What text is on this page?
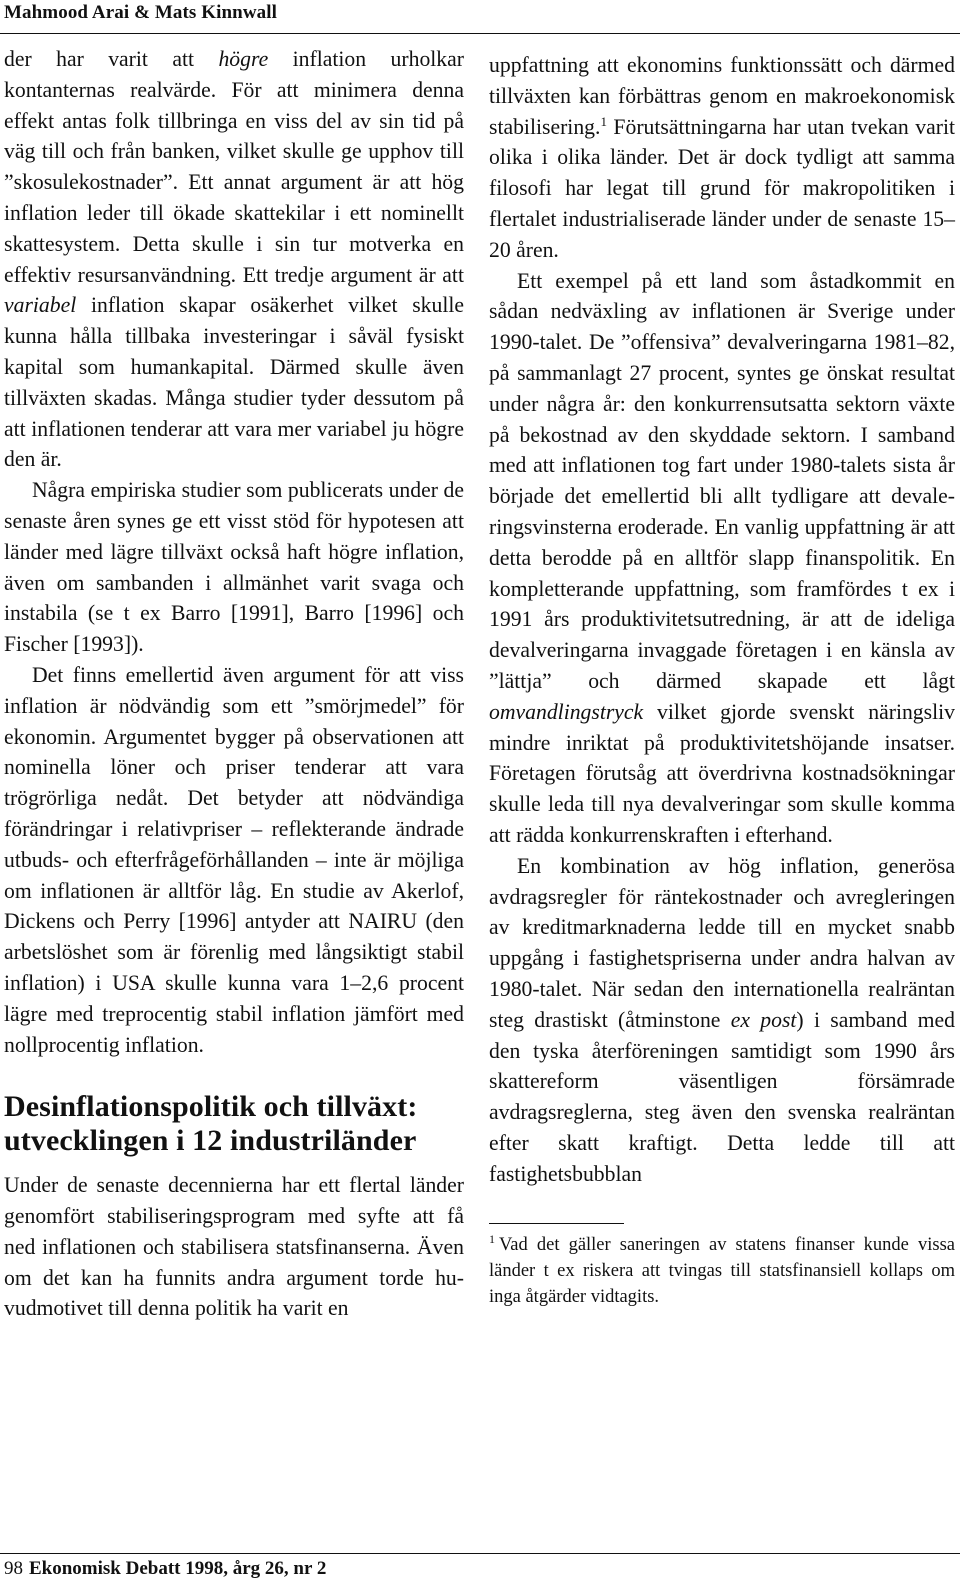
Mahmood Arai & Mats Kinnwall

der har varit att högre inflation urholkar kontanternas realvärde. För att minimera denna effekt antas folk tillbringa en viss del av sin tid på väg till och från banken, vilket skulle ge upphov till ”skosulekostnader”. Ett annat argument är att hög inflation leder till ökade skattekilar i ett nominellt skattesystem. Detta skulle i sin tur motverka en effektiv resursanvändning. Ett tredje argument är att variabel inflation skapar osäkerhet vilket skulle kunna hålla tillbaka investeringar i såväl fysiskt kapital som humankapital. Därmed skulle även tillväxten skadas. Många studier tyder dessutom på att inflationen tenderar att vara mer variabel ju högre den är.

Några empiriska studier som publicerats under de senaste åren synes ge ett visst stöd för hypotesen att länder med lägre tillväxt också haft högre inflation, även om sambanden i allmänhet varit svaga och instabila (se t ex Barro [1991], Barro [1996] och Fischer [1993]).

Det finns emellertid även argument för att viss inflation är nödvändig som ett ”smörjmedel” för ekonomin. Argumentet bygger på observationen att nominella löner och priser tenderar att vara trögrörliga nedåt. Det betyder att nödvändiga förändringar i relativpriser – reflekterande ändrade utbuds- och efterfrågeförhållanden – inte är möjliga om inflationen är alltför låg. En studie av Akerlof, Dickens och Perry [1996] antyder att NAIRU (den arbetslöshet som är förenlig med långsiktigt stabil inflation) i USA skulle kunna vara 1–2,6 procent lägre med treprocentig stabil inflation jämfört med nollprocentig inflation.

Desinflationspolitik och tillväxt: utvecklingen i 12 industriländer

Under de senaste decennierna har ett flertal länder genomfört stabiliseringsprogram med syfte att få ned inflationen och stabilisera statsfinanserna. Även om det kan ha funnits andra argument torde huvudmotivet till denna politik ha varit en

uppfattning att ekonomins funktionssätt och därmed tillväxten kan förbättras genom en makroekonomisk stabilisering.$^1$ Förutsättningarna har utan tvekan varit olika i olika länder. Det är dock tydligt att samma filosofi har legat till grund för makropolitiken i flertalet industrialiserade länder under de senaste 15–20 åren.

Ett exempel på ett land som åstadkommit en sådan nedväxling av inflationen är Sverige under 1990-talet. De ”offensiva” devalveringarna 1981–82, på sammanlagt 27 procent, syntes ge önskat resultat under några år: den konkurrensutsatta sektorn växte på bekostnad av den skyddade sektorn. I samband med att inflationen tog fart under 1980-talets sista år började det emellertid bli allt tydligare att devaleringsvinsterna eroderade. En vanlig uppfattning är att detta berodde på en alltför slapp finanspolitik. En kompletterande uppfattning, som framfördes t ex i 1991 års produktivitetsutredning, är att de ideliga devalveringarna invaggade företagen i en känsla av ”lättja” och därmed skapade ett lågt omvandlingstryck vilket gjorde svenskt näringsliv mindre inriktat på produktivitetshöjande insatser. Företagen förutsåg att överdrivna kostnadsökningar skulle leda till nya devalveringar som skulle komma att rädda konkurrenskraften i efterhand.

En kombination av hög inflation, generösa avdragsregler för räntekostnader och avregleringen av kreditmarknaderna ledde till en mycket snabb uppgång i fastighetspriserna under andra halvan av 1980-talet. När sedan den internationella realräntan steg drastiskt (åtminstone ex post) i samband med den tyska återföreningen samtidigt som 1990 års skattereform väsentligen försämrade avdragsreglerna, steg även den svenska realräntan efter skatt kraftigt. Detta ledde till att fastighetsbubblan

$^1$ Vad det gäller saneringen av statens finanser kunde vissa länder t ex riskera att tvingas till statsfinansiell kollaps om inga åtgärder vidtagits.
98 Ekonomisk Debatt 1998, årg 26, nr 2
